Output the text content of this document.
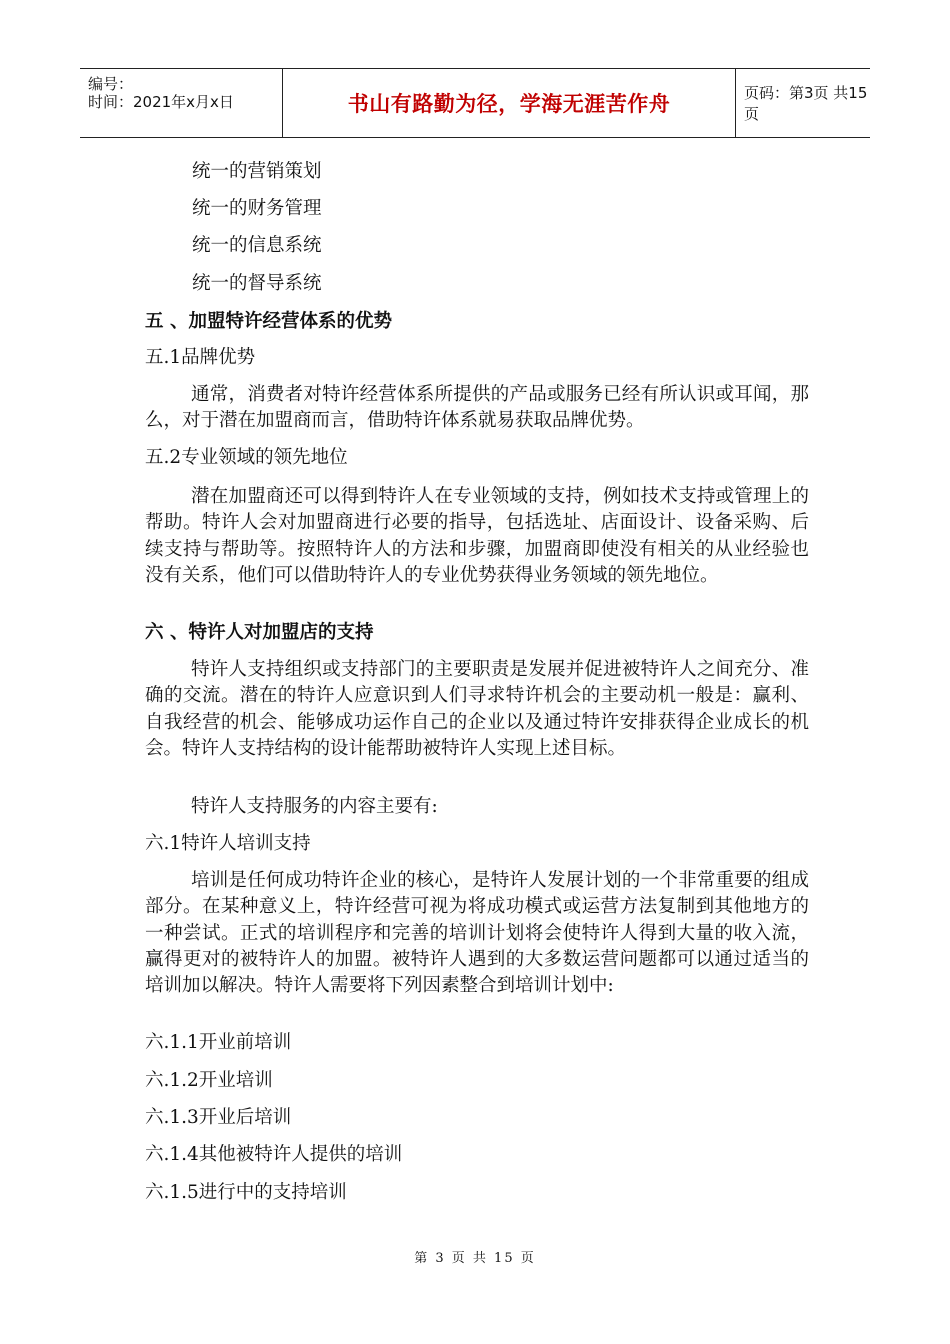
编号：
时间：2021年x月x日	书山有路勤为径，学海无涯苦作舟	页码：第3页 共15页
统一的营销策划
统一的财务管理
统一的信息系统
统一的督导系统
五 、加盟特许经营体系的优势
五.1品牌优势
通常，消费者对特许经营体系所提供的产品或服务已经有所认识或耳闻，那么，对于潜在加盟商而言，借助特许体系就易获取品牌优势。
五.2专业领域的领先地位
潜在加盟商还可以得到特许人在专业领域的支持，例如技术支持或管理上的帮助。特许人会对加盟商进行必要的指导，包括选址、店面设计、设备采购、后续支持与帮助等。按照特许人的方法和步骤，加盟商即使没有相关的从业经验也没有关系，他们可以借助特许人的专业优势获得业务领域的领先地位。
六 、特许人对加盟店的支持
特许人支持组织或支持部门的主要职责是发展并促进被特许人之间充分、准确的交流。潜在的特许人应意识到人们寻求特许机会的主要动机一般是：赢利、自我经营的机会、能够成功运作自己的企业以及通过特许安排获得企业成长的机会。特许人支持结构的设计能帮助被特许人实现上述目标。
特许人支持服务的内容主要有:
六.1特许人培训支持
培训是任何成功特许企业的核心，是特许人发展计划的一个非常重要的组成部分。在某种意义上，特许经营可视为将成功模式或运营方法复制到其他地方的一种尝试。正式的培训程序和完善的培训计划将会使特许人得到大量的收入流，赢得更对的被特许人的加盟。被特许人遇到的大多数运营问题都可以通过适当的培训加以解决。特许人需要将下列因素整合到培训计划中:
六.1.1开业前培训
六.1.2开业培训
六.1.3开业后培训
六.1.4其他被特许人提供的培训
六.1.5进行中的支持培训
第 3 页 共 15 页
